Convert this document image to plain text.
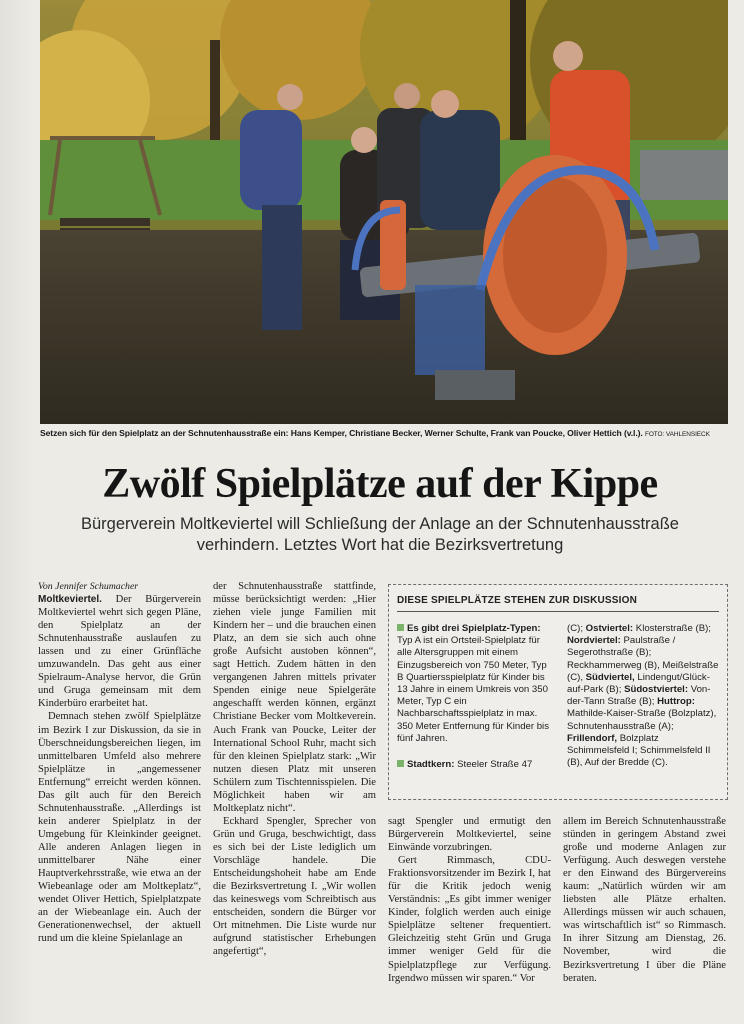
Setzen sich für den Spielplatz an der Schnutenhausstraße ein: Hans Kemper, Christiane Becker, Werner Schulte, Frank van Poucke, Oliver Hettich (v.l.). FOTO: VAHLENSIECK
Zwölf Spielplätze auf der Kippe
Bürgerverein Moltkeviertel will Schließung der Anlage an der Schnutenhausstraße
verhindern. Letztes Wort hat die Bezirksvertretung

Von Jennifer Schumacher

Moltkeviertel. Der Bürgerverein Moltkeviertel wehrt sich gegen Pläne, den Spielplatz an der Schnutenhausstraße auslaufen zu lassen und zu einer Grünfläche umzuwandeln. Das geht aus einer Spielraum-Analyse hervor, die Grün und Gruga gemeinsam mit dem Kinderbüro erarbeitet hat.

Demnach stehen zwölf Spielplätze im Bezirk I zur Diskussion, da sie in Überschneidungsbereichen liegen, im unmittelbaren Umfeld also mehrere Spielplätze in „angemessener Entfernung“ erreicht werden können. Das gilt auch für den Bereich Schnutenhausstraße. „Allerdings ist kein anderer Spielplatz in der Umgebung für Kleinkinder geeignet. Alle anderen Anlagen liegen in unmittelbarer Nähe einer Hauptverkehrsstraße, wie etwa an der Wiebeanlage oder am Moltkeplatz“, wendet Oliver Hettich, Spielplatzpate an der Wiebeanlage ein. Auch der Generationenwechsel, der aktuell rund um die kleine Spielanlage an

der Schnutenhausstraße stattfinde, müsse berücksichtigt werden: „Hier ziehen viele junge Familien mit Kindern her – und die brauchen einen Platz, an dem sie sich auch ohne große Aufsicht austoben können“, sagt Hettich. Zudem hätten in den vergangenen Jahren mittels privater Spenden einige neue Spielgeräte angeschafft werden können, ergänzt Christiane Becker vom Moltkeverein. Auch Frank van Poucke, Leiter der International School Ruhr, macht sich für den kleinen Spielplatz stark: „Wir nutzen diesen Platz mit unseren Schülern zum Tischtennisspielen. Die Möglichkeit haben wir am Moltkeplatz nicht“.

Eckhard Spengler, Sprecher von Grün und Gruga, beschwichtigt, dass es sich bei der Liste lediglich um Vorschläge handele. Die Entscheidungshoheit habe am Ende die Bezirksvertretung I. „Wir wollen das keineswegs vom Schreibtisch aus entscheiden, sondern die Bürger vor Ort mitnehmen. Die Liste wurde nur aufgrund statistischer Erhebungen angefertigt“,

DIESE SPIELPLÄTZE STEHEN ZUR DISKUSSION
Es gibt drei Spielplatz-Typen: Typ A ist ein Ortsteil-Spielplatz für alle Altersgruppen mit einem Einzugsbereich von 750 Meter, Typ B Quartiersspielplatz für Kinder bis 13 Jahre in einem Umkreis von 350 Meter, Typ C ein Nachbarschaftsspielplatz in max. 350 Meter Entfernung für Kinder bis fünf Jahren.
Stadtkern: Steeler Straße 47
(C); Ostviertel: Klosterstraße (B); Nordviertel: Paulstraße / Segerothstraße (B); Reckhammerweg (B), Meißelstraße (C), Südviertel, Lindengut/Glück-auf-Park (B); Südostviertel: Von-der-Tann Straße (B); Huttrop: Mathilde-Kaiser-Straße (Bolzplatz), Schnutenhausstraße (A); Frillendorf, Bolzplatz Schimmelsfeld I; Schimmelsfeld II (B), Auf der Bredde (C).

sagt Spengler und ermutigt den Bürgerverein Moltkeviertel, seine Einwände vorzubringen.

Gert Rimmasch, CDU-Fraktionsvorsitzender im Bezirk I, hat für die Kritik jedoch wenig Verständnis: „Es gibt immer weniger Kinder, folglich werden auch einige Spielplätze seltener frequentiert. Gleichzeitig steht Grün und Gruga immer weniger Geld für die Spielplatzpflege zur Verfügung. Irgendwo müssen wir sparen.“ Vor

allem im Bereich Schnutenhausstraße stünden in geringem Abstand zwei große und moderne Anlagen zur Verfügung. Auch deswegen verstehe er den Einwand des Bürgervereins kaum: „Natürlich würden wir am liebsten alle Plätze erhalten. Allerdings müssen wir auch schauen, was wirtschaftlich ist“ so Rimmasch. In ihrer Sitzung am Dienstag, 26. November, wird die Bezirksvertretung I über die Pläne beraten.
